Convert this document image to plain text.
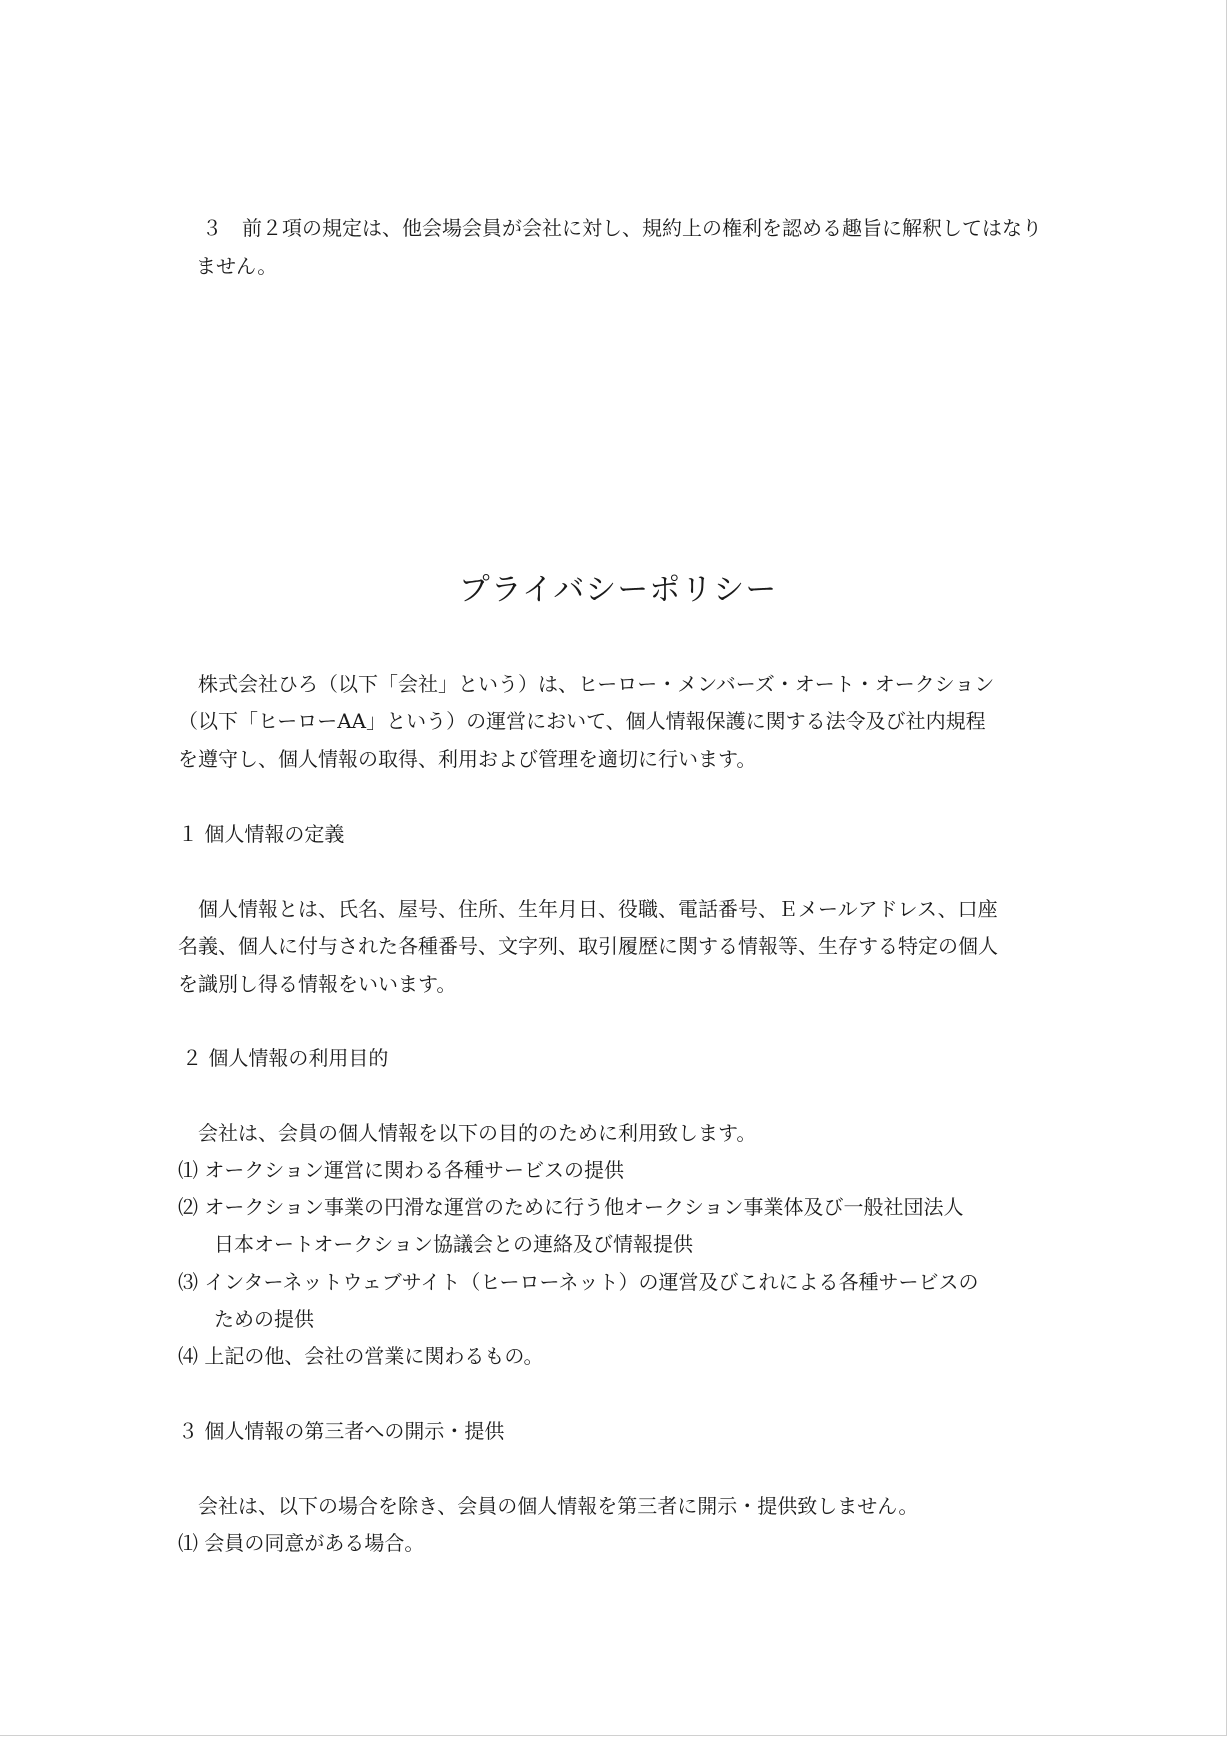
３　前２項の規定は、他会場会員が会社に対し、規約上の権利を認める趣旨に解釈してはなり
ません。
プライバシーポリシー
株式会社ひろ（以下「会社」という）は、ヒーロー・メンバーズ・オート・オークション
（以下「ヒーローAA」という）の運営において、個人情報保護に関する法令及び社内規程
を遵守し、個人情報の取得、利用および管理を適切に行います。
１ 個人情報の定義
個人情報とは、氏名、屋号、住所、生年月日、役職、電話番号、Ｅメールアドレス、口座
名義、個人に付与された各種番号、文字列、取引履歴に関する情報等、生存する特定の個人
を識別し得る情報をいいます。
２ 個人情報の利用目的
会社は、会員の個人情報を以下の目的のために利用致します。
⑴ オークション運営に関わる各種サービスの提供
⑵ オークション事業の円滑な運営のために行う他オークション事業体及び一般社団法人
日本オートオークション協議会との連絡及び情報提供
⑶ インターネットウェブサイト（ヒーローネット）の運営及びこれによる各種サービスの
ための提供
⑷ 上記の他、会社の営業に関わるもの。
３ 個人情報の第三者への開示・提供
会社は、以下の場合を除き、会員の個人情報を第三者に開示・提供致しません。
⑴ 会員の同意がある場合。
